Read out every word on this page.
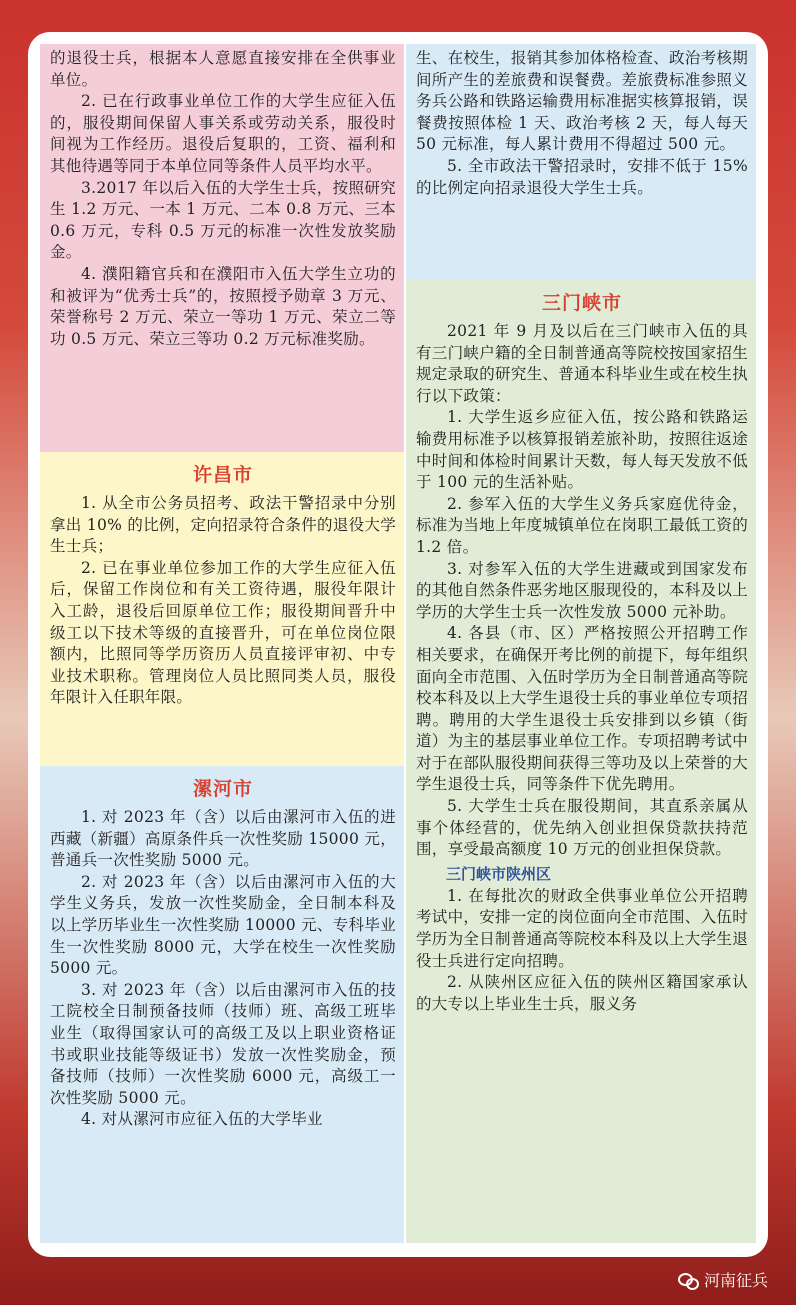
的退役士兵，根据本人意愿直接安排在全供事业单位。

2. 已在行政事业单位工作的大学生应征入伍的，服役期间保留人事关系或劳动关系，服役时间视为工作经历。退役后复职的，工资、福利和其他待遇等同于本单位同等条件人员平均水平。

3.2017 年以后入伍的大学生士兵，按照研究生 1.2 万元、一本 1 万元、二本 0.8 万元、三本 0.6 万元，专科 0.5 万元的标准一次性发放奖励金。

4. 濮阳籍官兵和在濮阳市入伍大学生立功的和被评为“优秀士兵”的，按照授予勋章 3 万元、荣誉称号 2 万元、荣立一等功 1 万元、荣立二等功 0.5 万元、荣立三等功 0.2 万元标准奖励。

许昌市

1. 从全市公务员招考、政法干警招录中分别拿出 10% 的比例，定向招录符合条件的退役大学生士兵；

2. 已在事业单位参加工作的大学生应征入伍后，保留工作岗位和有关工资待遇，服役年限计入工龄，退役后回原单位工作；服役期间晋升中级工以下技术等级的直接晋升，可在单位岗位限额内，比照同等学历资历人员直接评审初、中专业技术职称。管理岗位人员比照同类人员，服役年限计入任职年限。

漯河市

1. 对 2023 年（含）以后由漯河市入伍的进西藏（新疆）高原条件兵一次性奖励 15000 元，普通兵一次性奖励 5000 元。

2. 对 2023 年（含）以后由漯河市入伍的大学生义务兵，发放一次性奖励金，全日制本科及以上学历毕业生一次性奖励 10000 元、专科毕业生一次性奖励 8000 元，大学在校生一次性奖励 5000 元。

3. 对 2023 年（含）以后由漯河市入伍的技工院校全日制预备技师（技师）班、高级工班毕业生（取得国家认可的高级工及以上职业资格证书或职业技能等级证书）发放一次性奖励金，预备技师（技师）一次性奖励 6000 元，高级工一次性奖励 5000 元。

4. 对从漯河市应征入伍的大学毕业

生、在校生，报销其参加体格检查、政治考核期间所产生的差旅费和误餐费。差旅费标准参照义务兵公路和铁路运输费用标准据实核算报销，误餐费按照体检 1 天、政治考核 2 天，每人每天 50 元标准，每人累计费用不得超过 500 元。

5. 全市政法干警招录时，安排不低于 15% 的比例定向招录退役大学生士兵。

三门峡市

2021 年 9 月及以后在三门峡市入伍的具有三门峡户籍的全日制普通高等院校按国家招生规定录取的研究生、普通本科毕业生或在校生执行以下政策：

1. 大学生返乡应征入伍，按公路和铁路运输费用标准予以核算报销差旅补助，按照往返途中时间和体检时间累计天数，每人每天发放不低于 100 元的生活补贴。

2. 参军入伍的大学生义务兵家庭优待金，标准为当地上年度城镇单位在岗职工最低工资的 1.2 倍。

3. 对参军入伍的大学生进藏或到国家发布的其他自然条件恶劣地区服现役的，本科及以上学历的大学生士兵一次性发放 5000 元补助。

4. 各县（市、区）严格按照公开招聘工作相关要求，在确保开考比例的前提下，每年组织面向全市范围、入伍时学历为全日制普通高等院校本科及以上大学生退役士兵的事业单位专项招聘。聘用的大学生退役士兵安排到以乡镇（街道）为主的基层事业单位工作。专项招聘考试中对于在部队服役期间获得三等功及以上荣誉的大学生退役士兵，同等条件下优先聘用。

5. 大学生士兵在服役期间，其直系亲属从事个体经营的，优先纳入创业担保贷款扶持范围，享受最高额度 10 万元的创业担保贷款。

三门峡市陕州区

1. 在每批次的财政全供事业单位公开招聘考试中，安排一定的岗位面向全市范围、入伍时学历为全日制普通高等院校本科及以上大学生退役士兵进行定向招聘。

2. 从陕州区应征入伍的陕州区籍国家承认的大专以上毕业生士兵，服义务

河南征兵
